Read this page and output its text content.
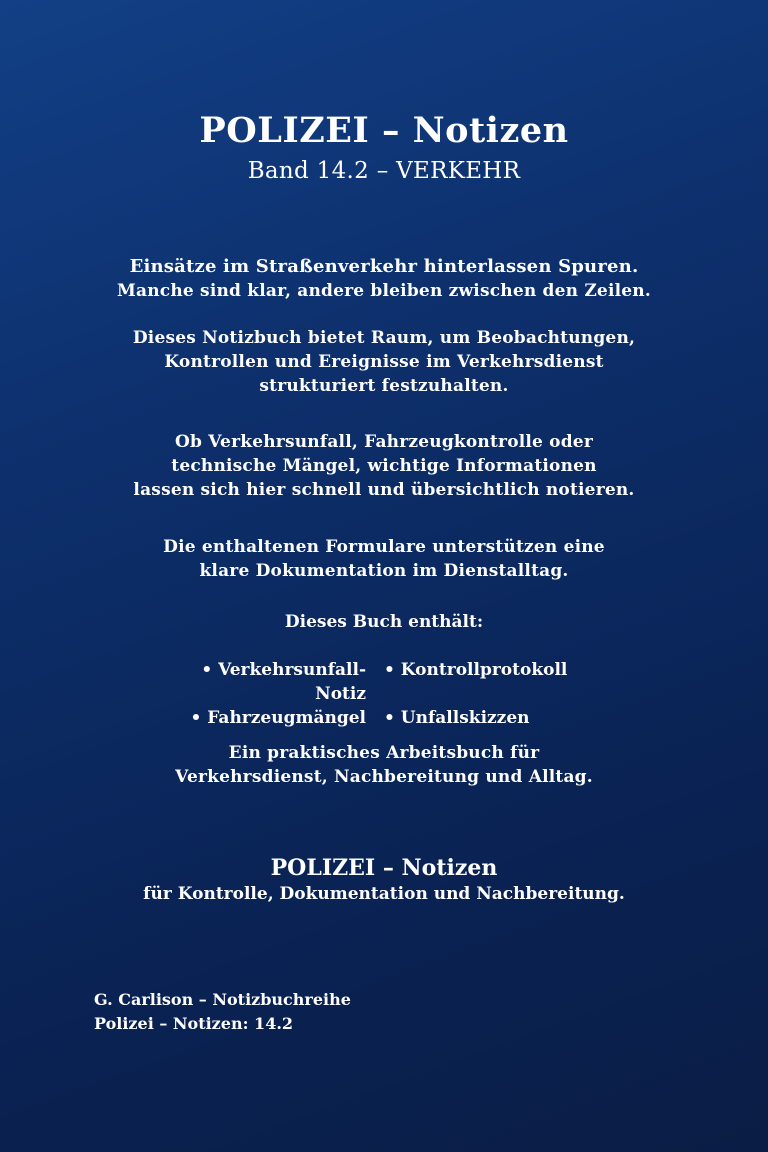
POLIZEI – Notizen
Band 14.2 – VERKEHR
Einsätze im Straßenverkehr hinterlassen Spuren.
Manche sind klar, andere bleiben zwischen den Zeilen.
Dieses Notizbuch bietet Raum, um Beobachtungen,
Kontrollen und Ereignisse im Verkehrsdienst
strukturiert festzuhalten.
Ob Verkehrsunfall, Fahrzeugkontrolle oder
technische Mängel, wichtige Informationen
lassen sich hier schnell und übersichtlich notieren.
Die enthaltenen Formulare unterstützen eine
klare Dokumentation im Dienstalltag.
Dieses Buch enthält:
• Verkehrsunfall-Notiz
• Kontrollprotokoll
• Fahrzeugmängel	• Unfallskizzen
Ein praktisches Arbeitsbuch für
Verkehrsdienst, Nachbereitung und Alltag.
POLIZEI – Notizen
für Kontrolle, Dokumentation und Nachbereitung.
G. Carlison – Notizbuchreihe
Polizei – Notizen: 14.2
